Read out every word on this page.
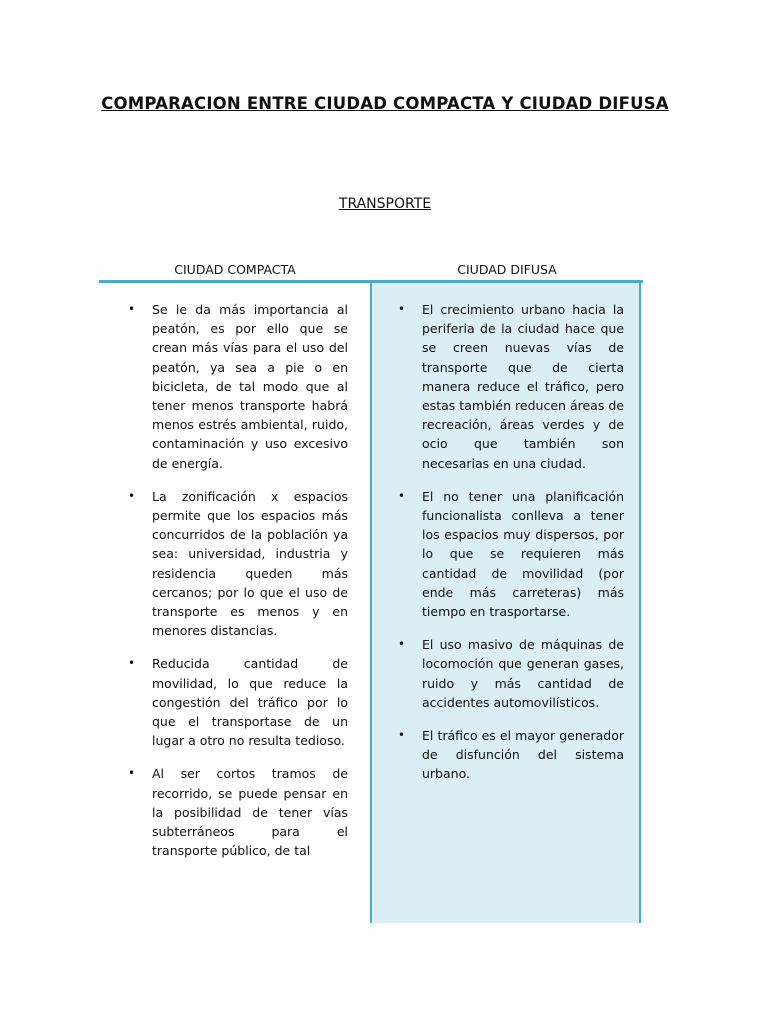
COMPARACION ENTRE CIUDAD COMPACTA Y CIUDAD DIFUSA
TRANSPORTE
CIUDAD COMPACTA	CIUDAD DIFUSA
• Se le da más importancia al peatón, es por ello que se crean más vías para el uso del peatón, ya sea a pie o en bicicleta, de tal modo que al tener menos transporte habrá menos estrés ambiental, ruido, contaminación y uso excesivo de energía.
• La zonificación x espacios permite que los espacios más concurridos de la población ya sea: universidad, industria y residencia queden más cercanos; por lo que el uso de transporte es menos y en menores distancias.
• Reducida cantidad de movilidad, lo que reduce la congestión del tráfico por lo que el transportase de un lugar a otro no resulta tedioso.
• Al ser cortos tramos de recorrido, se puede pensar en la posibilidad de tener vías subterráneos para el transporte público, de tal
• El crecimiento urbano hacia la periferia de la ciudad hace que se creen nuevas vías de transporte que de cierta manera reduce el tráfico, pero estas también reducen áreas de recreación, áreas verdes y de ocio que también son necesarias en una ciudad.
• El no tener una planificación funcionalista conlleva a tener los espacios muy dispersos, por lo que se requieren más cantidad de movilidad (por ende más carreteras) más tiempo en trasportarse.
• El uso masivo de máquinas de locomoción que generan gases, ruido y más cantidad de accidentes automovilísticos.
• El tráfico es el mayor generador de disfunción del sistema urbano.
